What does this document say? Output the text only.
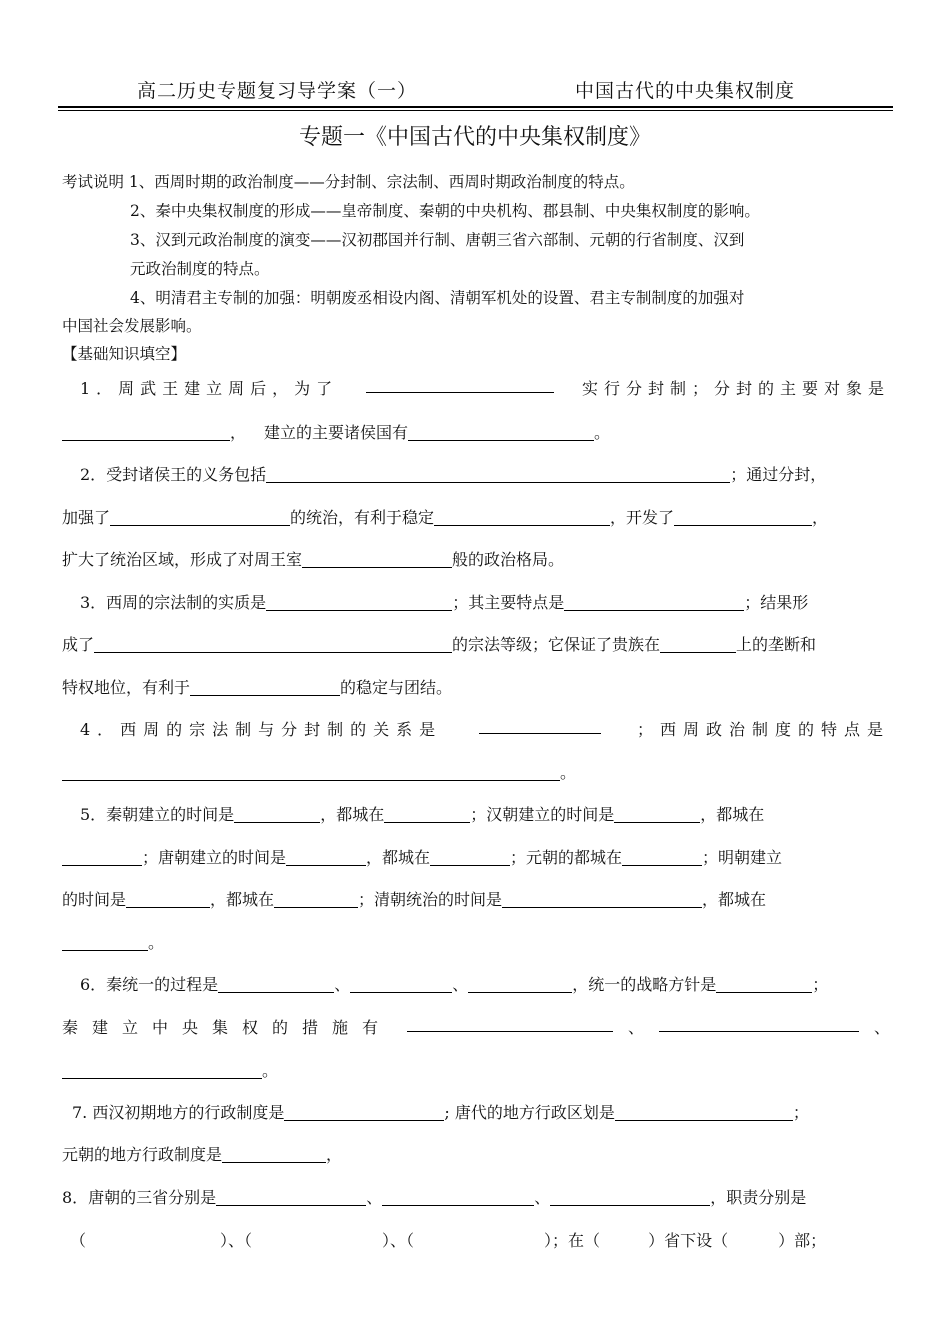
高二历史专题复习导学案（一）	中国古代的中央集权制度
专题一《中国古代的中央集权制度》
考试说明 1、西周时期的政治制度——分封制、宗法制、西周时期政治制度的特点。
2、秦中央集权制度的形成——皇帝制度、秦朝的中央机构、郡县制、中央集权制度的影响。
3、汉到元政治制度的演变——汉初郡国并行制、唐朝三省六部制、元朝的行省制度、汉到
元政治制度的特点。
4、明清君主专制的加强：明朝废丞相设内阁、清朝军机处的设置、君主专制制度的加强对
中国社会发展影响。
【基础知识填空】
1．周武王建立周后，为了	实行分封制；分封的主要对象是
， 建立的主要诸侯国有	。
2．受封诸侯王的义务包括	；通过分封，
加强了	的统治，有利于稳定	，开发了	，
扩大了统治区域，形成了对周王室	般的政治格局。
3．西周的宗法制的实质是	；其主要特点是	；结果形
成了	的宗法等级；它保证了贵族在	上的垄断和
特权地位，有利于	的稳定与团结。
4．西周的宗法制与分封制的关系是	；西周政治制度的特点是
。
5．秦朝建立的时间是	，都城在	；汉朝建立的时间是	，都城在
；唐朝建立的时间是	，都城在	；元朝的都城在	；明朝建立
的时间是	，都城在	；清朝统治的时间是	，都城在
。
6．秦统一的过程是	、	、	，统一的战略方针是	；
秦建立中央集权的措施有	、	、
。
7. 西汉初期地方的行政制度是	; 唐代的地方行政区划是	；
元朝的地方行政制度是	，
8．唐朝的三省分别是	、	、	，职责分别是
（	）、（	）、（	）；在（	）省下设（	）部；
